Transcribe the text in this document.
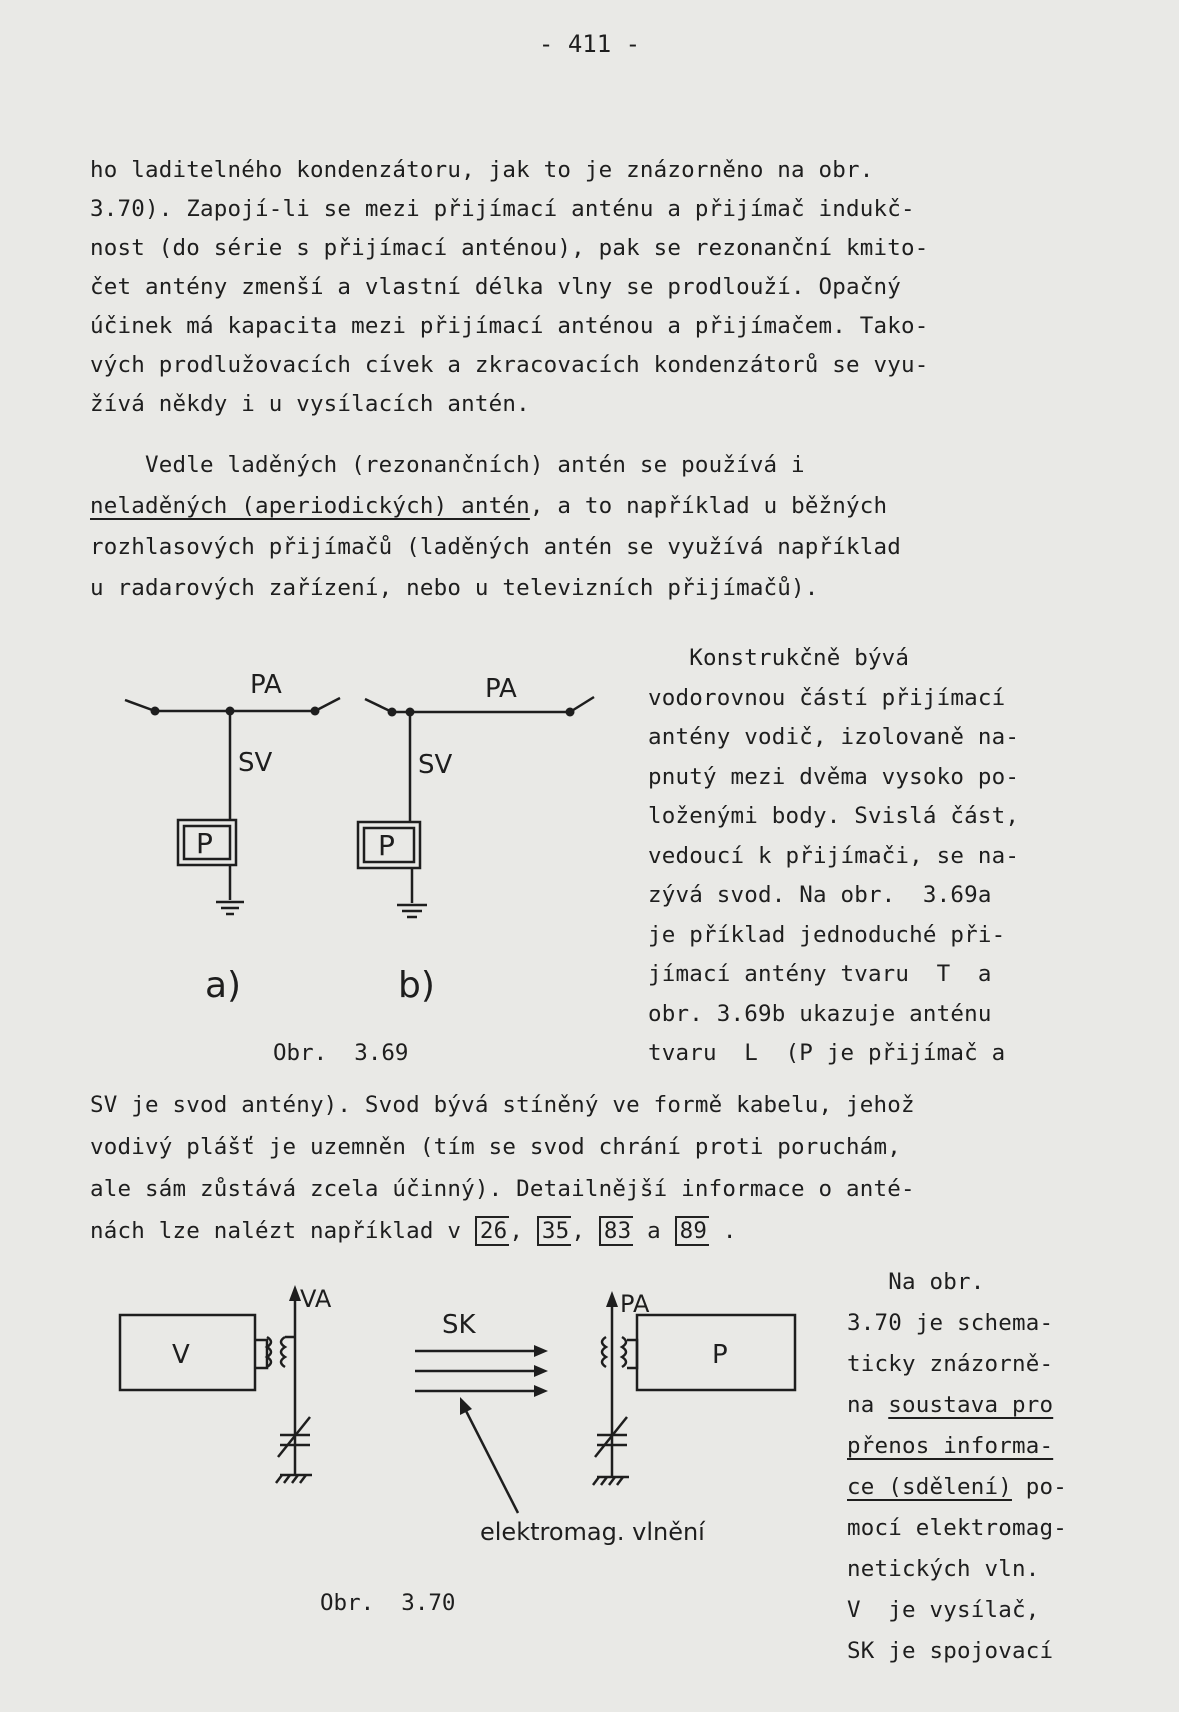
- 411 -

ho laditelného kondenzátoru, jak to je znázorněno na obr.

3.70). Zapojí-li se mezi přijímací anténu a přijímač indukč-

nost (do série s přijímací anténou), pak se rezonanční kmito-

čet antény zmenší a vlastní délka vlny se prodlouží. Opačný

účinek má kapacita mezi přijímací anténou a přijímačem. Tako-

vých prodlužovacích cívek a zkracovacích kondenzátorů se vyu-

žívá někdy i u vysílacích antén.

Vedle laděných (rezonančních) antén se používá i

neladěných (aperiodických) antén, a to například u běžných

rozhlasových přijímačů (laděných antén se využívá například

u radarových zařízení, nebo u televizních přijímačů).

Konstrukčně bývá

vodorovnou částí přijímací

antény vodič, izolovaně na-

pnutý mezi dvěma vysoko po-

loženými body. Svislá část,

vedoucí k přijímači, se na-

zývá svod. Na obr.  3.69a

je příklad jednoduché při-

jímací antény tvaru  T  a

obr. 3.69b ukazuje anténu

tvaru  L  (P je přijímač a

PA	PA
SV	SV
P	P
a)	b)
Obr.  3.69

SV je svod antény). Svod bývá stíněný ve formě kabelu, jehož

vodivý plášť je uzemněn (tím se svod chrání proti poruchám,

ale sám zůstává zcela účinný). Detailnější informace o anté-

nách lze nalézt například v 26, 35, 83 a 89 .

Na obr.

3.70 je schema-

ticky znázorně-

na soustava pro

přenos informa-

ce (sdělení) po-

mocí elektromag-

netických vln.

V  je vysílač,

SK je spojovací

VA
V
SK
PA
P
elektromag. vlnění
Obr.  3.70
